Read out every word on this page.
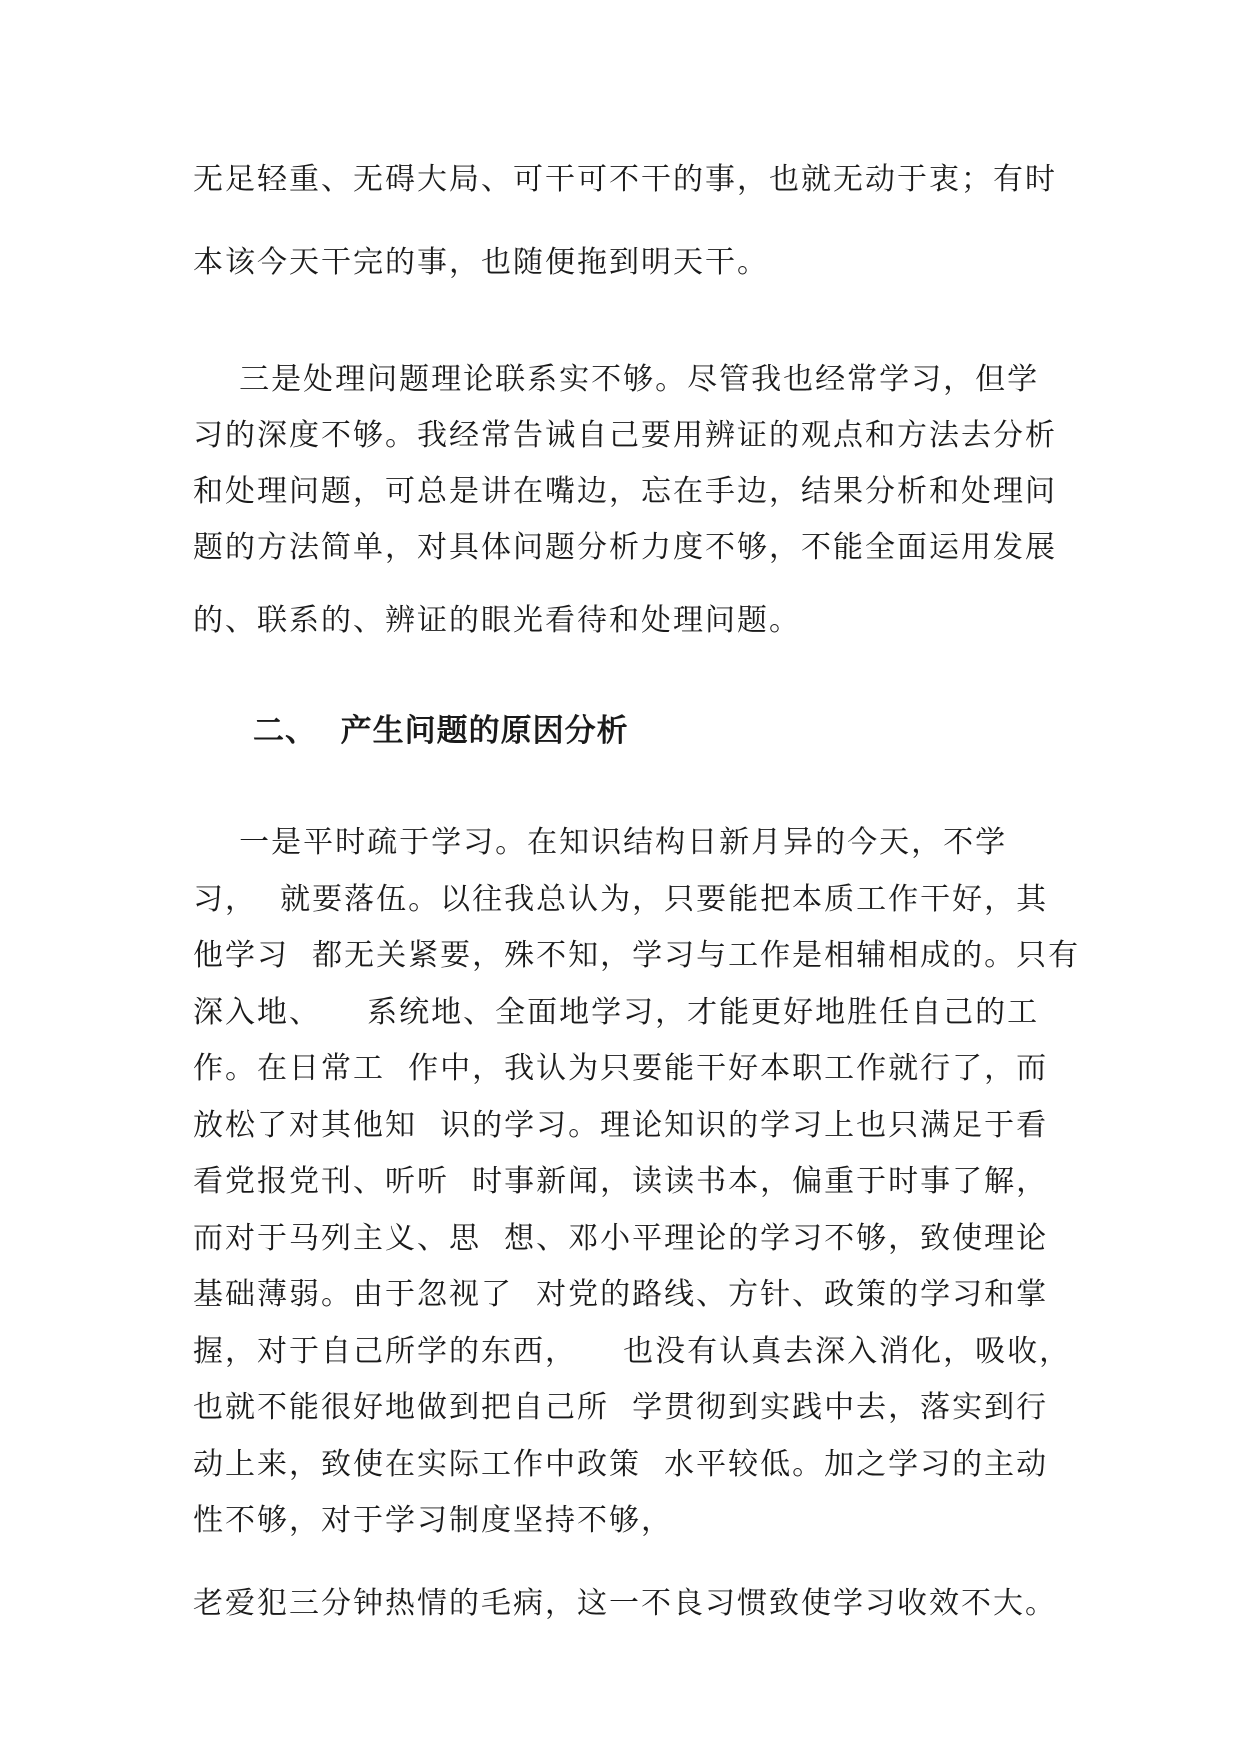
无足轻重、无碍大局、可干可不干的事，也就无动于衷；有时
本该今天干完的事，也随便拖到明天干。
三是处理问题理论联系实不够。尽管我也经常学习，但学
习的深度不够。我经常告诫自己要用辨证的观点和方法去分析
和处理问题，可总是讲在嘴边，忘在手边，结果分析和处理问
题的方法简单，对具体问题分析力度不够，不能全面运用发展
的、联系的、辨证的眼光看待和处理问题。
二、  产生问题的原因分析
一是平时疏于学习。在知识结构日新月异的今天，不学
习，  就要落伍。以往我总认为，只要能把本质工作干好，其
他学习  都无关紧要，殊不知，学习与工作是相辅相成的。只有
深入地、    系统地、全面地学习，才能更好地胜任自己的工
作。在日常工  作中，我认为只要能干好本职工作就行了，而
放松了对其他知  识的学习。理论知识的学习上也只满足于看
看党报党刊、听听  时事新闻，读读书本，偏重于时事了解，
而对于马列主义、思  想、邓小平理论的学习不够，致使理论
基础薄弱。由于忽视了  对党的路线、方针、政策的学习和掌
握，对于自己所学的东西，    也没有认真去深入消化，吸收，
也就不能很好地做到把自己所  学贯彻到实践中去，落实到行
动上来，致使在实际工作中政策  水平较低。加之学习的主动
性不够，对于学习制度坚持不够，
老爱犯三分钟热情的毛病，这一不良习惯致使学习收效不大。
